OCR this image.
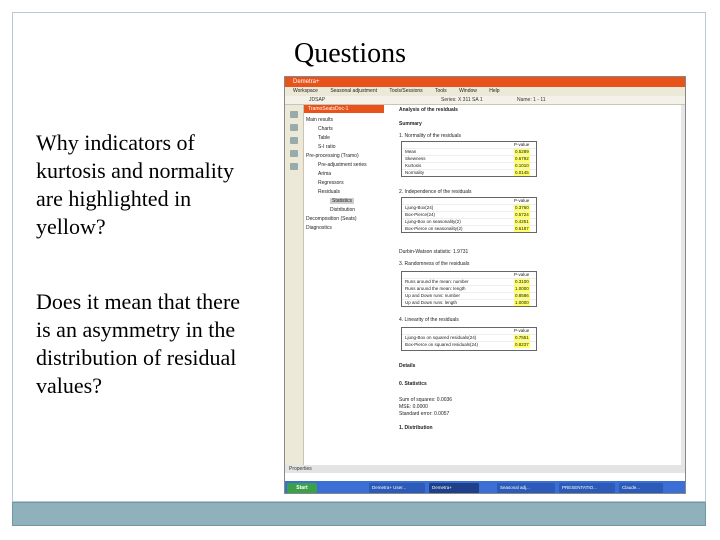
Questions
Why indicators of kurtosis and normality are highlighted in yellow?
Does it mean that there is an asymmetry in the distribution of residual values?
Demetra+
Workspace Seasonal adjustment Tools/Sessions Tools Window Help
JDSAP	Series: X 311 SA 1	Name: 1 - 11
TramoSeatsDoc-1
Main results
Charts
Table
S-I ratio
Pre-processing (Tramo)
Pre-adjustment series
Arima
Regressors
Residuals
Statistics
Distribution
Decomposition (Seats)
Diagnostics
Analysis of the residuals
Summary
1. Normality of the residuals
P-value
Mean	0.5289
Skewness	0.6792
Kurtosis	0.1010
Normality	0.0145
2. Independence of the residuals
P-value
Ljung-Box(24)	0.3760
Box-Pierce(24)	0.5724
Ljung-Box on seasonality(2)	0.4251
Box-Pierce on seasonality(2)	0.6187
Durbin-Watson statistic: 1.9731
3. Randomness of the residuals
P-value
Runs around the mean: number	0.3100
Runs around the mean: length	1.0000
Up and Down runs: number	0.8586
Up and Down runs: length	1.0000
4. Linearity of the residuals
P-value
Ljung-Box on squared residuals(24)	0.7551
Box-Pierce on squared residuals(24)	0.8237
Details
0. Statistics
Sum of squares: 0.0036
MSE: 0.0000
Standard error: 0.0057
1. Distribution
Properties
Start	Demetra+ User...	Demetra+	Seasonal adj...	PRESENTATIO...	Claude...
